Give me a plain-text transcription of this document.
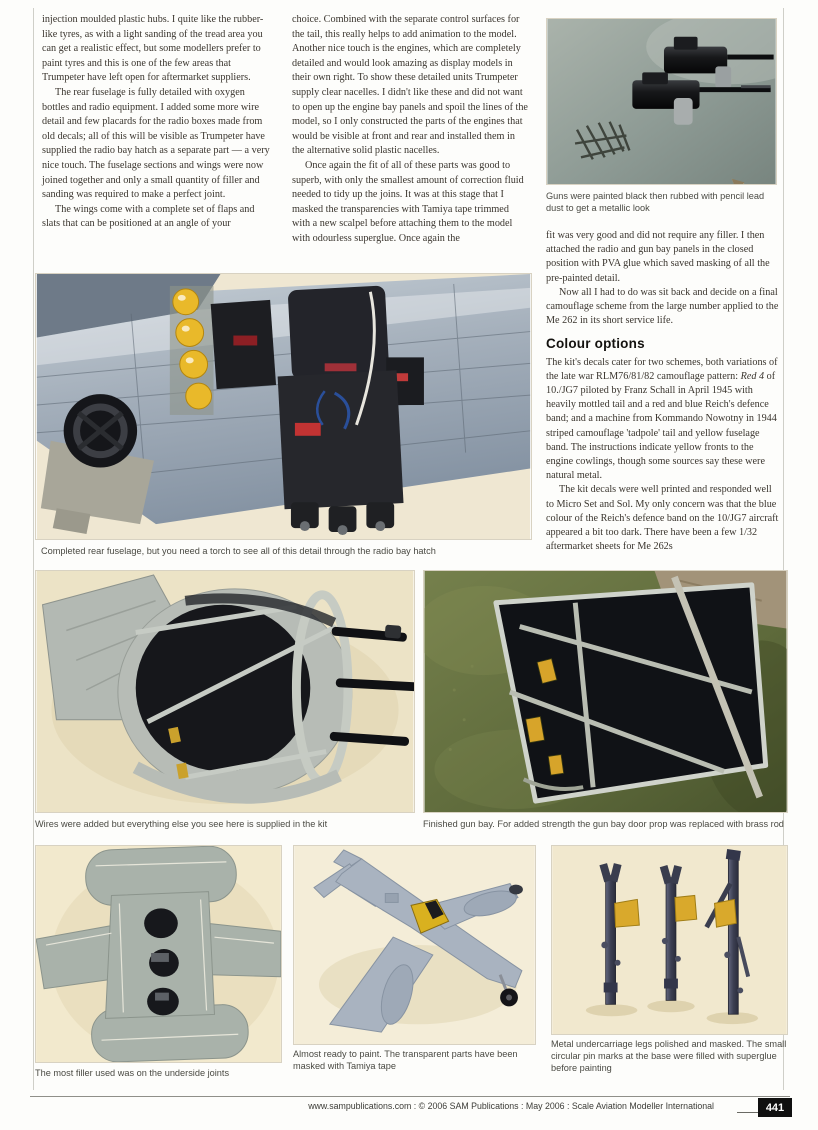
injection moulded plastic hubs. I quite like the rubber-like tyres, as with a light sanding of the tread area you can get a realistic effect, but some modellers prefer to paint tyres and this is one of the few areas that Trumpeter have left open for aftermarket suppliers.

The rear fuselage is fully detailed with oxygen bottles and radio equipment. I added some more wire detail and few placards for the radio boxes made from old decals; all of this will be visible as Trumpeter have supplied the radio bay hatch as a separate part — a very nice touch. The fuselage sections and wings were now joined together and only a small quantity of filler and sanding was required to make a perfect joint.

The wings come with a complete set of flaps and slats that can be positioned at an angle of your

choice. Combined with the separate control surfaces for the tail, this really helps to add animation to the model. Another nice touch is the engines, which are completely detailed and would look amazing as display models in their own right. To show these detailed units Trumpeter supply clear nacelles. I didn't like these and did not want to open up the engine bay panels and spoil the lines of the model, so I only constructed the parts of the engines that would be visible at front and rear and installed them in the alternative solid plastic nacelles.

Once again the fit of all of these parts was good to superb, with only the smallest amount of correction fluid needed to tidy up the joins. It was at this stage that I masked the transparencies with Tamiya tape trimmed with a new scalpel before attaching them to the model with odourless superglue. Once again the

Guns were painted black then rubbed with pencil lead dust to get a metallic look

fit was very good and did not require any filler. I then attached the radio and gun bay panels in the closed position with PVA glue which saved masking of all the pre-painted detail.

Now all I had to do was sit back and decide on a final camouflage scheme from the large number applied to the Me 262 in its short service life.

Colour options

The kit's decals cater for two schemes, both variations of the late war RLM76/81/82 camouflage pattern: Red 4 of 10./JG7 piloted by Franz Schall in April 1945 with heavily mottled tail and a red and blue Reich's defence band; and a machine from Kommando Nowotny in 1944 striped camouflage 'tadpole' tail and yellow fuselage band. The instructions indicate yellow fronts to the engine cowlings, though some sources say these were natural metal.

The kit decals were well printed and responded well to Micro Set and Sol. My only concern was that the blue colour of the Reich's defence band on the 10/JG7 aircraft appeared a bit too dark. There have been a few 1/32 aftermarket sheets for Me 262s

Completed rear fuselage, but you need a torch to see all of this detail through the radio bay hatch
Wires were added but everything else you see here is supplied in the kit	Finished gun bay. For added strength the gun bay door prop was replaced with brass rod
The most filler used was on the underside joints
Almost ready to paint. The transparent parts have been masked with Tamiya tape
Metal undercarriage legs polished and masked. The small circular pin marks at the base were filled with superglue before painting
www.sampublications.com : © 2006 SAM Publications : May 2006 : Scale Aviation Modeller International	441
